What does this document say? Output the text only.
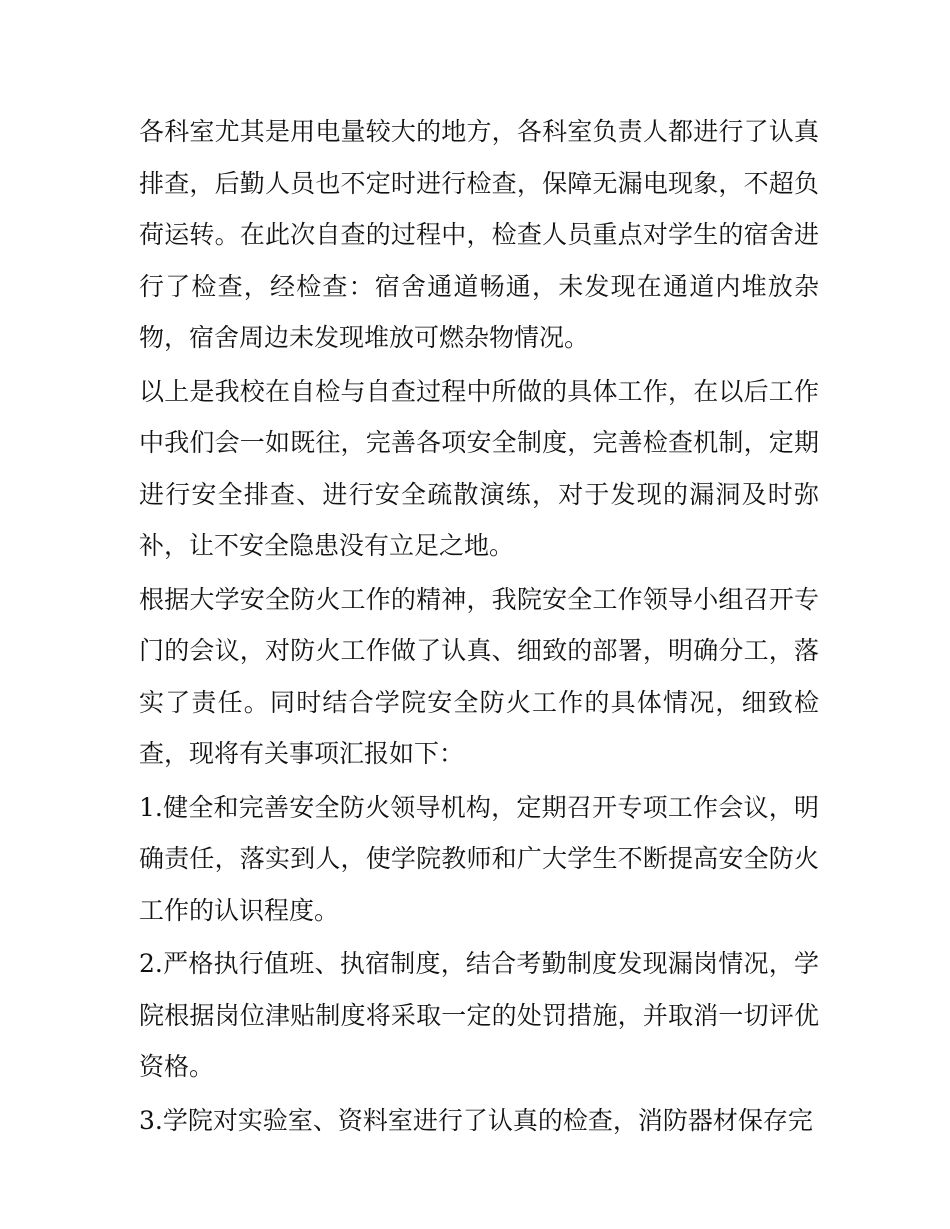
各科室尤其是用电量较大的地方，各科室负责人都进行了认真排查，后勤人员也不定时进行检查，保障无漏电现象，不超负荷运转。在此次自查的过程中，检查人员重点对学生的宿舍进行了检查，经检查：宿舍通道畅通，未发现在通道内堆放杂物，宿舍周边未发现堆放可燃杂物情况。

以上是我校在自检与自查过程中所做的具体工作，在以后工作中我们会一如既往，完善各项安全制度，完善检查机制，定期进行安全排查、进行安全疏散演练，对于发现的漏洞及时弥补，让不安全隐患没有立足之地。

根据大学安全防火工作的精神，我院安全工作领导小组召开专门的会议，对防火工作做了认真、细致的部署，明确分工，落实了责任。同时结合学院安全防火工作的具体情况，细致检查，现将有关事项汇报如下：

1.健全和完善安全防火领导机构，定期召开专项工作会议，明确责任，落实到人，使学院教师和广大学生不断提高安全防火工作的认识程度。

2.严格执行值班、执宿制度，结合考勤制度发现漏岗情况，学院根据岗位津贴制度将采取一定的处罚措施，并取消一切评优资格。

3.学院对实验室、资料室进行了认真的检查，消防器材保存完
